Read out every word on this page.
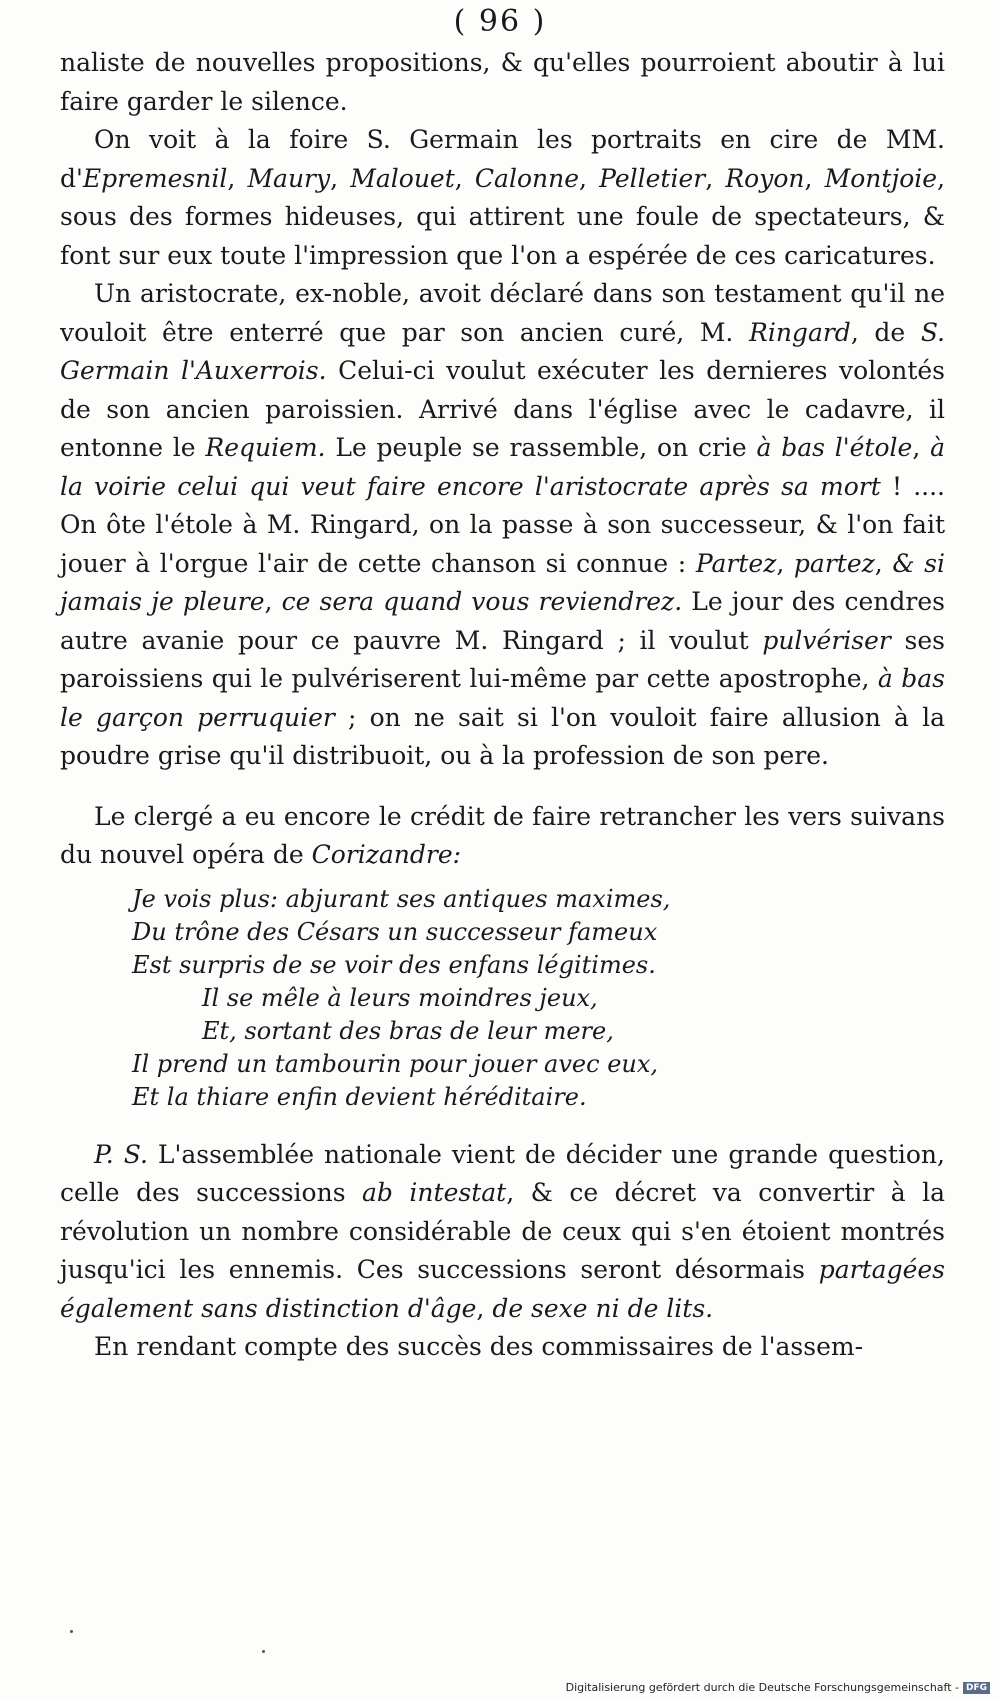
( 96 )

naliste de nouvelles propositions, & qu'elles pourroient aboutir à lui faire garder le silence.

On voit à la foire S. Germain les portraits en cire de MM. d'Epremesnil, Maury, Malouet, Calonne, Pelletier, Royon, Montjoie, sous des formes hideuses, qui attirent une foule de spectateurs, & font sur eux toute l'impression que l'on a espérée de ces caricatures.

Un aristocrate, ex-noble, avoit déclaré dans son testament qu'il ne vouloit être enterré que par son ancien curé, M. Ringard, de S. Germain l'Auxerrois. Celui-ci voulut exécuter les dernieres volontés de son ancien paroissien. Arrivé dans l'église avec le cadavre, il entonne le Requiem. Le peuple se rassemble, on crie à bas l'étole, à la voirie celui qui veut faire encore l'aristocrate après sa mort ! .... On ôte l'étole à M. Ringard, on la passe à son successeur, & l'on fait jouer à l'orgue l'air de cette chanson si connue : Partez, partez, & si jamais je pleure, ce sera quand vous reviendrez. Le jour des cendres autre avanie pour ce pauvre M. Ringard ; il voulut pulvériser ses paroissiens qui le pulvériserent lui-même par cette apostrophe, à bas le garçon perruquier ; on ne sait si l'on vouloit faire allusion à la poudre grise qu'il distribuoit, ou à la profession de son pere.

Le clergé a eu encore le crédit de faire retrancher les vers suivans du nouvel opéra de Corizandre:

Je vois plus: abjurant ses antiques maximes,
Du trône des Césars un successeur fameux
Est surpris de se voir des enfans légitimes.
Il se mêle à leurs moindres jeux,
Et, sortant des bras de leur mere,
Il prend un tambourin pour jouer avec eux,
Et la thiare enfin devient héréditaire.

P. S. L'assemblée nationale vient de décider une grande question, celle des successions ab intestat, & ce décret va convertir à la révolution un nombre considérable de ceux qui s'en étoient montrés jusqu'ici les ennemis. Ces successions seront désormais partagées également sans distinction d'âge, de sexe ni de lits.

En rendant compte des succès des commissaires de l'assem-

Digitalisierung gefördert durch die Deutsche Forschungsgemeinschaft - DFG
